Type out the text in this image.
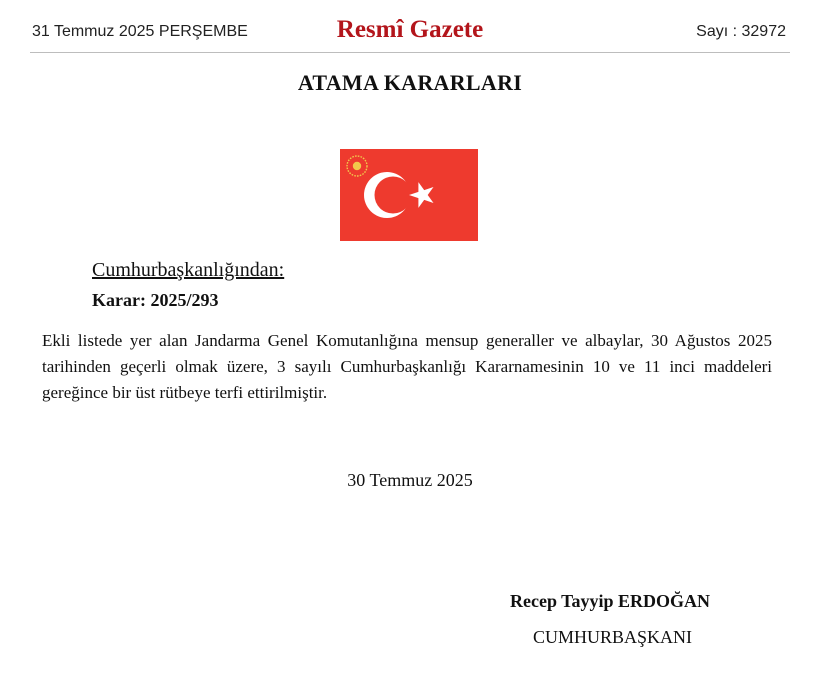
31 Temmuz 2025 PERŞEMBE	Resmî Gazete	Sayı : 32972
ATAMA KARARLARI
Cumhurbaşkanlığından:
Karar: 2025/293

Ekli listede yer alan Jandarma Genel Komutanlığına mensup generaller ve albaylar, 30 Ağustos 2025 tarihinden geçerli olmak üzere, 3 sayılı Cumhurbaşkanlığı Kararnamesinin 10 ve 11 inci maddeleri gereğince bir üst rütbeye terfi ettirilmiştir.

30 Temmuz 2025
Recep Tayyip ERDOĞAN
CUMHURBAŞKANI
